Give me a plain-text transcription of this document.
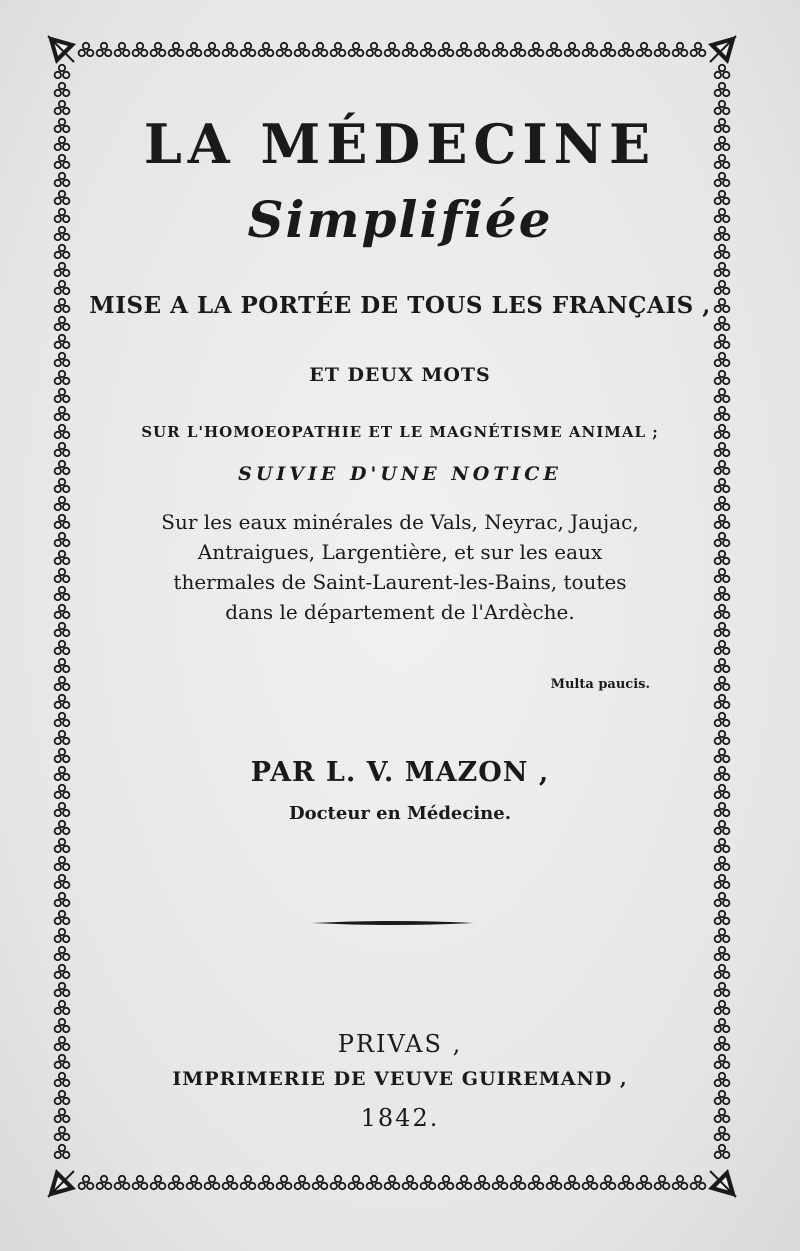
LA MÉDECINE
Simplifiée
MISE A LA PORTÉE DE TOUS LES FRANÇAIS ,
ET DEUX MOTS
SUR L'HOMOEOPATHIE ET LE MAGNÉTISME ANIMAL ;
SUIVIE D'UNE NOTICE
Sur les eaux minérales de Vals, Neyrac, Jaujac,
Antraigues, Largentière, et sur les eaux
thermales de Saint-Laurent-les-Bains, toutes
dans le département de l'Ardèche.
Multa paucis.
PAR L. V. MAZON ,
Docteur en Médecine.
PRIVAS ,
IMPRIMERIE DE VEUVE GUIREMAND ,
1842.
